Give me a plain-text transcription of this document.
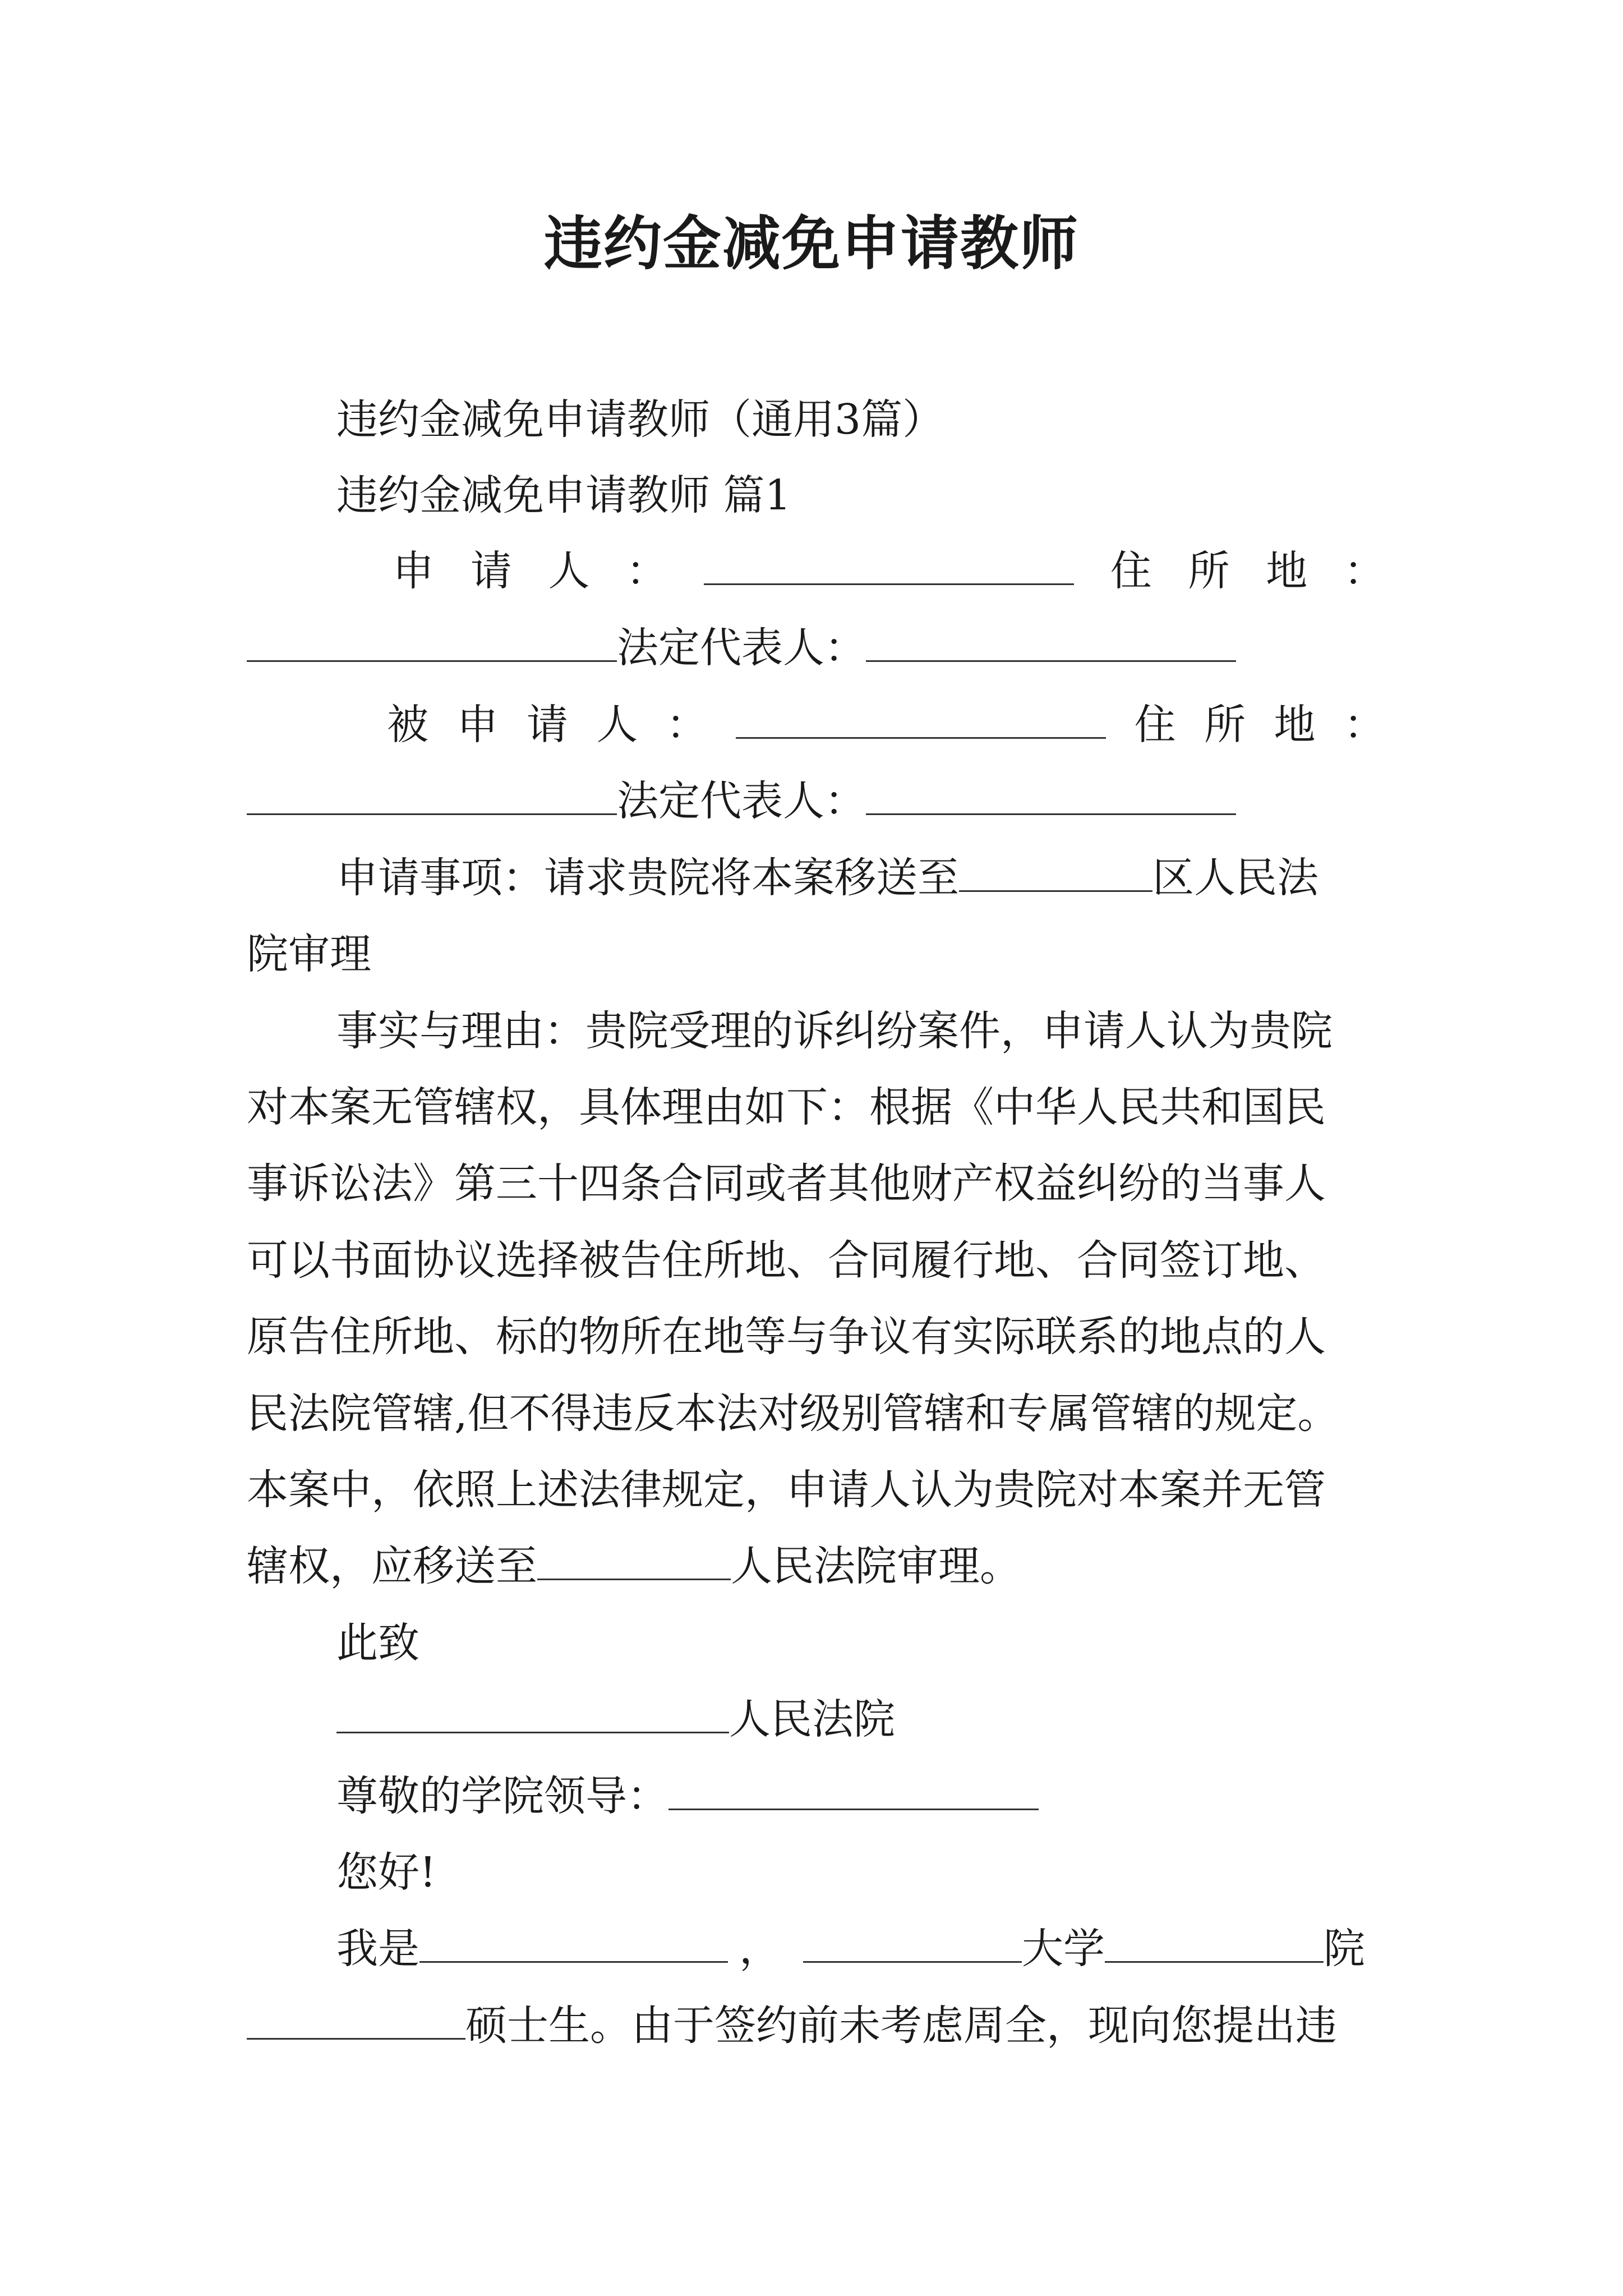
违约金减免申请教师
违约金减免申请教师（通用3篇）
违约金减免申请教师 篇1
申 请 人 ：	住 所 地 ：
法定代表人：
被 申 请 人 ：	住 所 地 ：
法定代表人：
申请事项：请求贵院将本案移送至	区人民法
院审理
事实与理由：贵院受理的诉纠纷案件，申请人认为贵院
对本案无管辖权，具体理由如下：根据《中华人民共和国民
事诉讼法》第三十四条合同或者其他财产权益纠纷的当事人
可以书面协议选择被告住所地、合同履行地、合同签订地、
原告住所地、标的物所在地等与争议有实际联系的地点的人
民法院管辖,但不得违反本法对级别管辖和专属管辖的规定。
本案中，依照上述法律规定，申请人认为贵院对本案并无管
辖权，应移送至	人民法院审理。
此致
人民法院
尊敬的学院领导：
您好!
我是	，	大学	院
硕士生。由于签约前未考虑周全，现向您提出违
